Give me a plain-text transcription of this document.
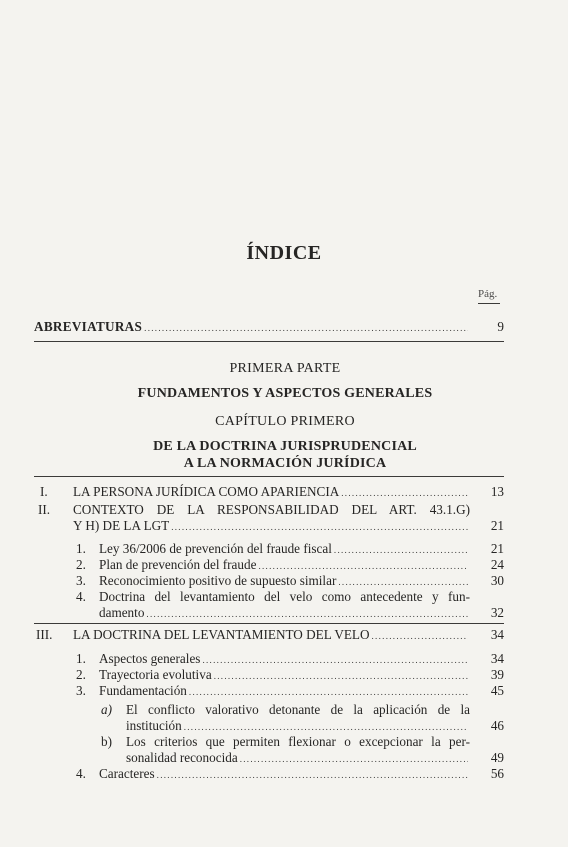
ÍNDICE
Pág.
ABREVIATURAS .....	9
PRIMERA PARTE
FUNDAMENTOS Y ASPECTOS GENERALES
CAPÍTULO PRIMERO
DE LA DOCTRINA JURISPRUDENCIAL
A LA NORMACIÓN JURÍDICA
I. LA PERSONA JURÍDICA COMO APARIENCIA .....	13
II. CONTEXTO DE LA RESPONSABILIDAD DEL ART. 43.1.G)
Y H) DE LA LGT .....	21
1. Ley 36/2006 de prevención del fraude fiscal .....	21
2. Plan de prevención del fraude .....	24
3. Reconocimiento positivo de supuesto similar .....	30
4. Doctrina del levantamiento del velo como antecedente y fun-
damento .....	32
III. LA DOCTRINA DEL LEVANTAMIENTO DEL VELO .....	34
1. Aspectos generales .....	34
2. Trayectoria evolutiva .....	39
3. Fundamentación .....	45
a) El conflicto valorativo detonante de la aplicación de la
institución .....	46
b) Los criterios que permiten flexionar o excepcionar la per-
sonalidad reconocida .....	49
4. Caracteres .....	56
